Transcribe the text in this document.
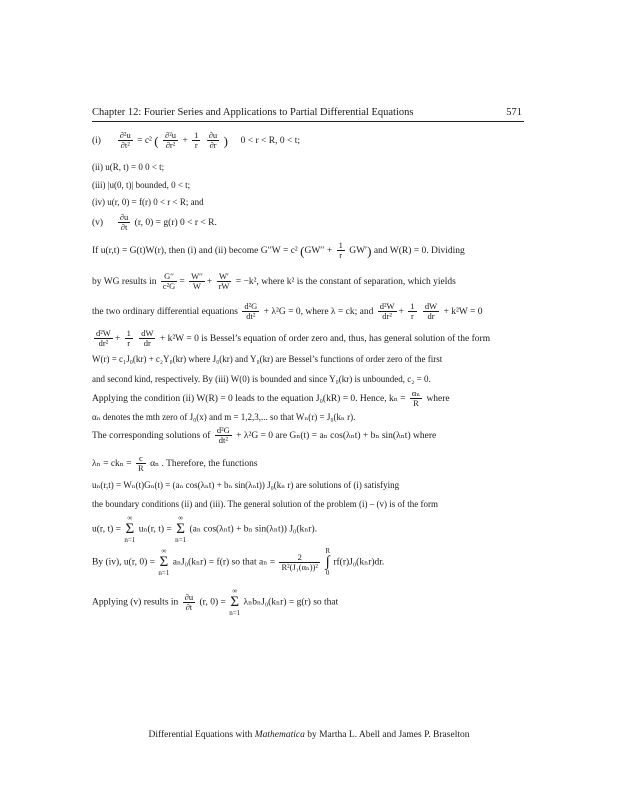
Chapter 12: Fourier Series and Applications to Partial Differential Equations	571
$(i) \frac{\text{∂²u}}{\text{∂t²}} = c^2$ ( $\frac{\text{∂²u}}{\text{∂r²}} + \frac{1}{r}$
$\frac{\partial u}{\partial r}$ ) 0 < r < R, 0 < t;
(ii) u(R, t) = 0 0 < t;
(iii) |u(0, t)| bounded, 0 < t;
(iv) u(r, 0) = f(r) 0 < r < R; and
$(v) \frac{\partial u}{\partial t} (r$, 0) = g(r) 0 < r < R.
If u(r,t) = G(t)W(r), then (i) and (ii) become G′′W = c² $(GW'' + \frac{1}{r} GW')$ and W(R) = 0. Dividing
by WG results in $\frac{G''}{\text{c²G}} = \frac{W''}{W} + \frac{W'}{rW} = -k^2$, where k² is the constant of separation, which yields
the two ordinary differential equations $\frac{\text{d²G}}{\text{dt²}} + \lambda^2G = 0$, where λ = ck; and $\frac{\text{d²W}}{\text{dr²}} + \frac{1}{r}$
$\frac{dW}{dr} + k^2W = 0$
$\frac{\text{d²W}}{\text{dr²}} + \frac{1}{r}$
$\frac{dW}{dr} + k^2W = 0$ is Bessel’s equation of order zero and, thus, has general solution of the form
W(r) = c₁J₀(kr) + c₂Y₀(kr) where J₀(kr) and Y₀(kr) are Bessel’s functions of order zero of the first
and second kind, respectively. By (iii) W(0) is bounded and since Y₀(kr) is unbounded, c₂ = 0.
Applying the condition (ii) W(R) = 0 leads to the equation J₀(kR) = 0. Hence, $k_n = \frac{\text{αₙ}}{R}$ where
αₙ denotes the mth zero of J₀(x) and m = 1,2,3,... so that Wₙ(r) = J₀(kₙ r).
The corresponding solutions of $\frac{\text{d²G}}{\text{dt²}} + \lambda^2G = 0$ are Gₙ(t) = aₙ cos(λₙt) + bₙ sin(λₙt) where
$\lambda_n = ck_n = \frac{c}{R}$ αₙ . Therefore, the functions
uₙ(r,t) = Wₙ(t)Gₙ(t) = (aₙ cos(λₙt) + bₙ sin(λₙt)) J₀(kₙ r) are solutions of (i) satisfying
the boundary conditions (ii) and (iii). The general solution of the problem (i) – (v) is of the form
u(r, t) = ∞
Σ
n=1 uₙ(r, t) = ∞
Σ
n=1 (aₙ cos(λₙt) + bₙ sin(λₙt)) J₀(kₙr).
By (iv), u(r, 0) = ∞
Σ
n=1 aₙJ₀(kₙr) = f(r) so that $a_n = \frac{2}{\text{R²(J₁(αₙ))²}}$
R
∫
0 rf(r)J₀(kₙr)dr.
Applying (v) results in $\frac{\partial u}{\partial t} (r$, 0) = ∞
Σ
n=1 λₙbₙJ₀(kₙr) = g(r) so that
Differential Equations with Mathematica by Martha L. Abell and James P. Braselton
